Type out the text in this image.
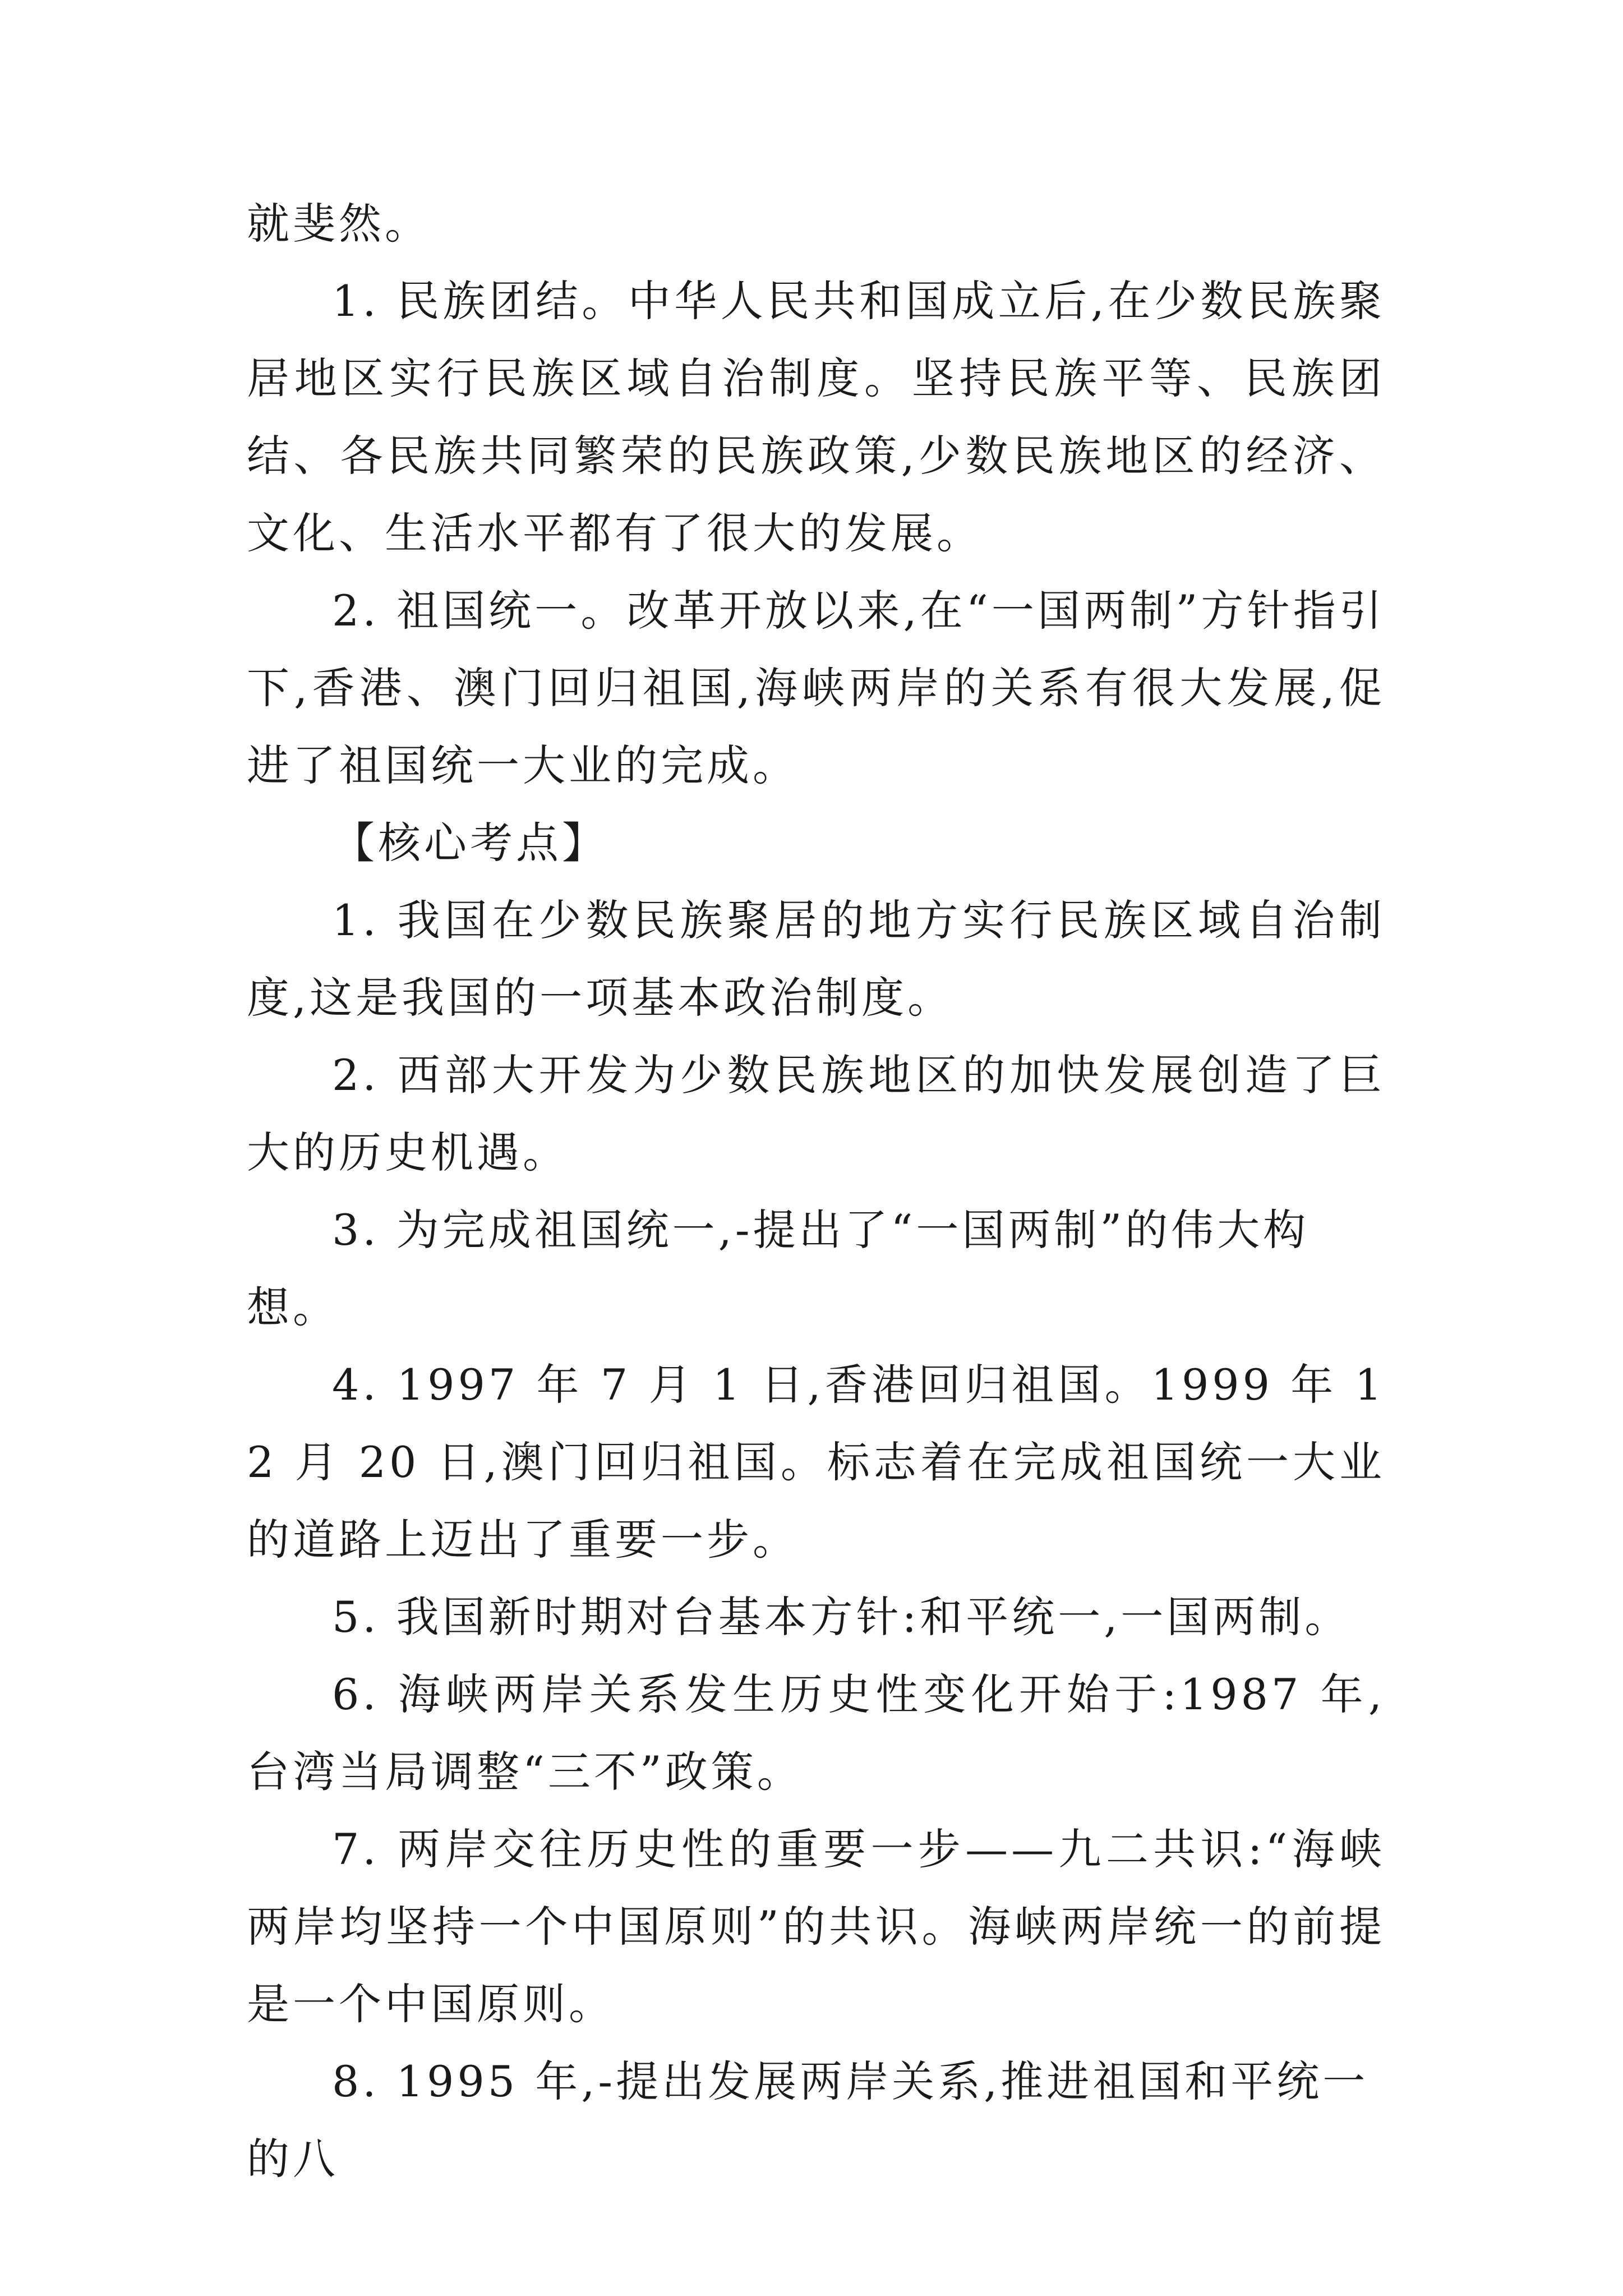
就斐然。

1. 民族团结。中华人民共和国成立后,在少数民族聚居地区实行民族区域自治制度。坚持民族平等、民族团结、各民族共同繁荣的民族政策,少数民族地区的经济、文化、生活水平都有了很大的发展。

2. 祖国统一。改革开放以来,在“一国两制”方针指引下,香港、澳门回归祖国,海峡两岸的关系有很大发展,促进了祖国统一大业的完成。

【核心考点】

1. 我国在少数民族聚居的地方实行民族区域自治制度,这是我国的一项基本政治制度。

2. 西部大开发为少数民族地区的加快发展创造了巨大的历史机遇。

3. 为完成祖国统一,-提出了“一国两制”的伟大构想。

4. 1997 年 7 月 1 日,香港回归祖国。1999 年 12 月 20 日,澳门回归祖国。标志着在完成祖国统一大业的道路上迈出了重要一步。

5. 我国新时期对台基本方针:和平统一,一国两制。

6. 海峡两岸关系发生历史性变化开始于:1987 年,台湾当局调整“三不”政策。

7. 两岸交往历史性的重要一步——九二共识:“海峡两岸均坚持一个中国原则”的共识。海峡两岸统一的前提是一个中国原则。

8. 1995 年,-提出发展两岸关系,推进祖国和平统一的八
